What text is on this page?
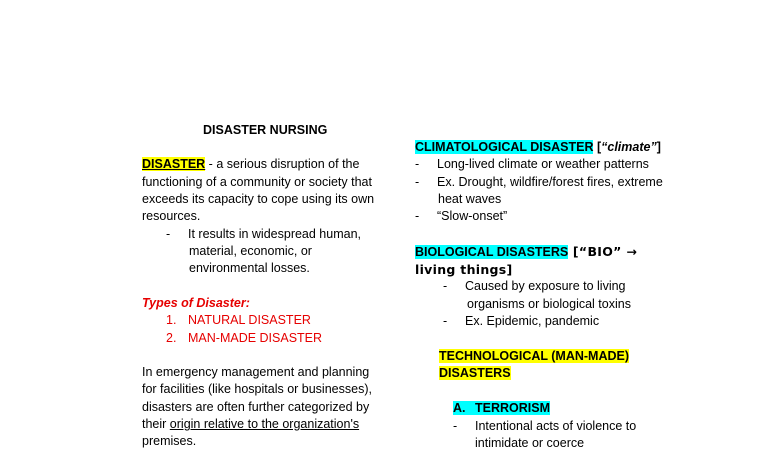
DISASTER NURSING
DISASTER - a serious disruption of the
functioning of a community or society that
exceeds its capacity to cope using its own
resources.
- It results in widespread human,
material, economic, or
environmental losses.
Types of Disaster:
1. NATURAL DISASTER
2. MAN-MADE DISASTER
In emergency management and planning
for facilities (like hospitals or businesses),
disasters are often further categorized by
their origin relative to the organization's
premises.
CLIMATOLOGICAL DISASTER [“climate”]
- Long-lived climate or weather patterns
- Ex. Drought, wildfire/forest fires, extreme
heat waves
- “Slow-onset”
BIOLOGICAL DISASTERS [“BIO” →
living things]
- Caused by exposure to living
organisms or biological toxins
- Ex. Epidemic, pandemic
TECHNOLOGICAL (MAN-MADE)
DISASTERS
A. TERRORISM
- Intentional acts of violence to
intimidate or coerce
